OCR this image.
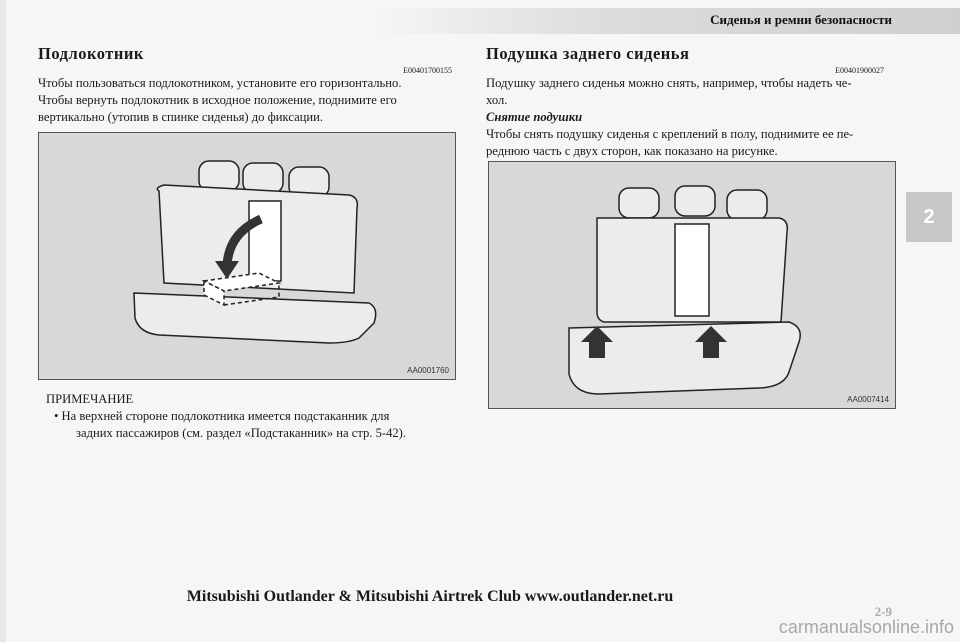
Сиденья и ремни безопасности
2
Подлокотник
E00401700155

Чтобы пользоваться подлокотником, установите его горизонтально.

Чтобы вернуть подлокотник в исходное положение, поднимите его

вертикально (утопив в спинке сиденья) до фиксации.

AA0001760

ПРИМЕЧАНИЕ

• На верхней стороне подлокотника имеется подстаканник для

задних пассажиров (см. раздел «Подстаканник» на стр. 5-42).

Подушка заднего сиденья
E00401900027

Подушку заднего сиденья можно снять, например, чтобы надеть че-

хол.

Снятие подушки

Чтобы снять подушку сиденья с креплений в полу, поднимите ее пе-

реднюю часть с двух сторон, как показано на рисунке.

AA0007414
Mitsubishi Outlander & Mitsubishi Airtrek Club www.outlander.net.ru
2-9
carmanualsonline.info
